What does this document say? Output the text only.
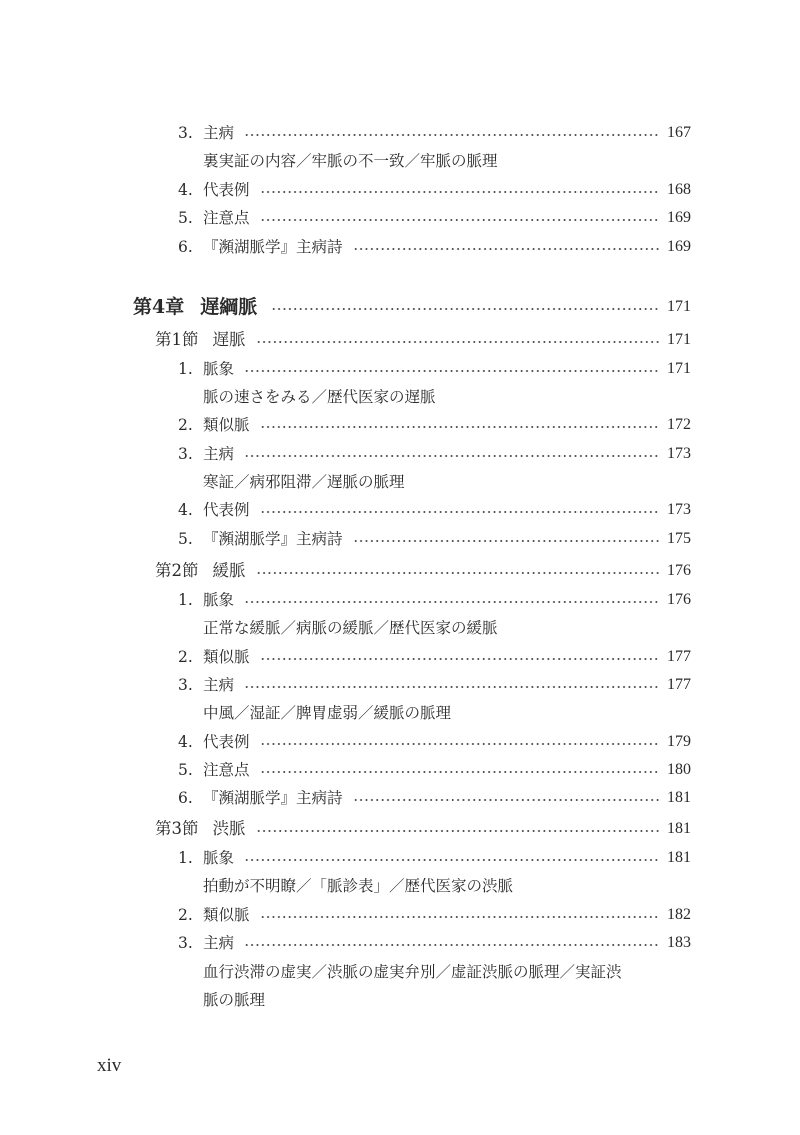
3. 主病	167
裏実証の内容／牢脈の不一致／牢脈の脈理
4. 代表例	168
5. 注意点	169
6. 『瀕湖脈学』主病詩	169
第4章 遅綱脈	171
第1節 遅脈	171
1. 脈象	171
脈の速さをみる／歴代医家の遅脈
2. 類似脈	172
3. 主病	173
寒証／病邪阻滞／遅脈の脈理
4. 代表例	173
5. 『瀕湖脈学』主病詩	175
第2節 緩脈	176
1. 脈象	176
正常な緩脈／病脈の緩脈／歴代医家の緩脈
2. 類似脈	177
3. 主病	177
中風／湿証／脾胃虚弱／緩脈の脈理
4. 代表例	179
5. 注意点	180
6. 『瀕湖脈学』主病詩	181
第3節 渋脈	181
1. 脈象	181
拍動が不明瞭／「脈診表」／歴代医家の渋脈
2. 類似脈	182
3. 主病	183
血行渋滞の虚実／渋脈の虚実弁別／虚証渋脈の脈理／実証渋
脈の脈理
xiv
